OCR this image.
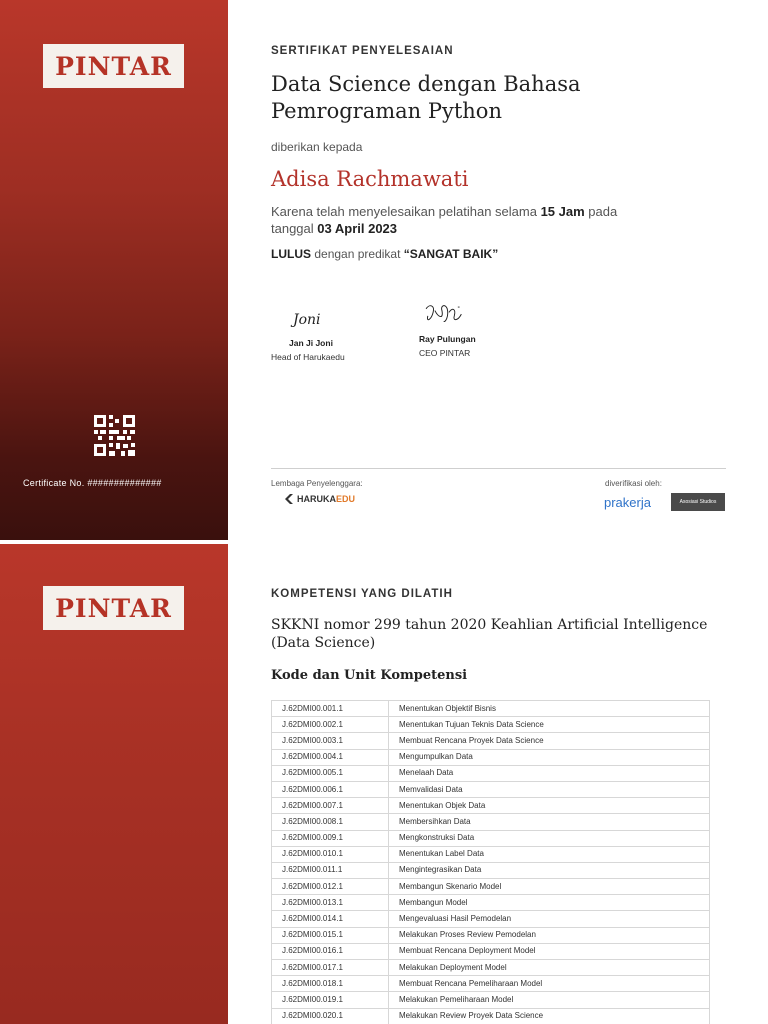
PINTAR
Certificate No. ##############
SERTIFIKAT PENYELESAIAN
Data Science dengan Bahasa
Pemrograman Python
diberikan kepada
Adisa Rachmawati
Karena telah menyelesaikan pelatihan selama 15 Jam pada
tanggal 03 April 2023
LULUS dengan predikat “SANGAT BAIK”
Joni
Jan Ji Joni
Head of Harukaedu
Ray Pulungan
CEO PINTAR
Lembaga Penyelenggara:
HARUKA EDU
diverifikasi oleh:
prakerja	Asosiasi Studios
PINTAR	KOMPETENSI YANG DILATIH
SKKNI nomor 299 tahun 2020 Keahlian Artificial Intelligence
(Data Science)
Kode dan Unit Kompetensi
J.62DMI00.001.1	Menentukan Objektif Bisnis
J.62DMI00.002.1	Menentukan Tujuan Teknis Data Science
J.62DMI00.003.1	Membuat Rencana Proyek Data Science
J.62DMI00.004.1	Mengumpulkan Data
J.62DMI00.005.1	Menelaah Data
J.62DMI00.006.1	Memvalidasi Data
J.62DMI00.007.1	Menentukan Objek Data
J.62DMI00.008.1	Membersihkan Data
J.62DMI00.009.1	Mengkonstruksi Data
J.62DMI00.010.1	Menentukan Label Data
J.62DMI00.011.1	Mengintegrasikan Data
J.62DMI00.012.1	Membangun Skenario Model
J.62DMI00.013.1	Membangun Model
J.62DMI00.014.1	Mengevaluasi Hasil Pemodelan
J.62DMI00.015.1	Melakukan Proses Review Pemodelan
J.62DMI00.016.1	Membuat Rencana Deployment Model
J.62DMI00.017.1	Melakukan Deployment Model
J.62DMI00.018.1	Membuat Rencana Pemeliharaan Model
J.62DMI00.019.1	Melakukan Pemeliharaan Model
J.62DMI00.020.1	Melakukan Review Proyek Data Science
